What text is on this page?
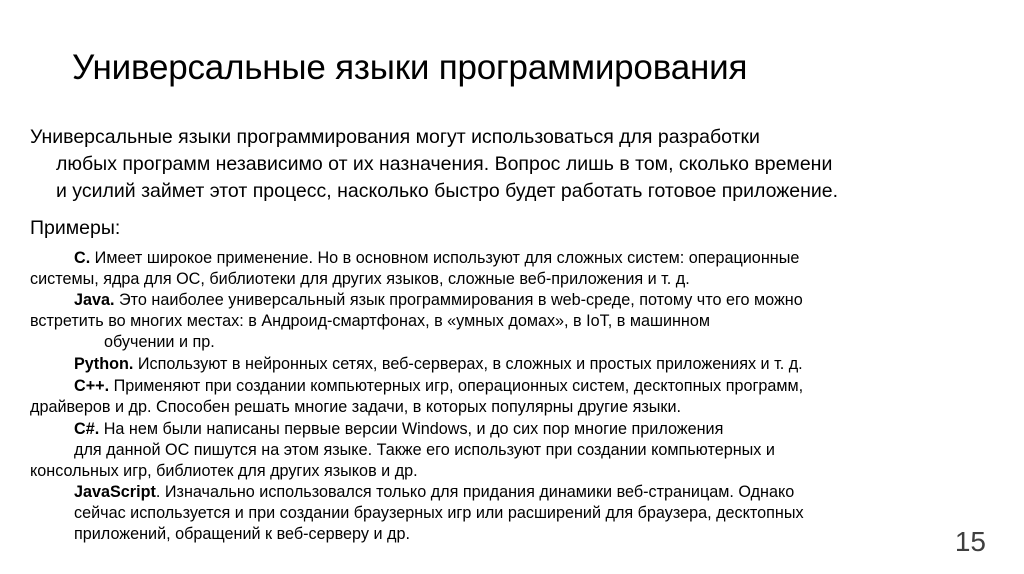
Универсальные языки программирования
Универсальные языки программирования могут использоваться для разработки
любых программ независимо от их назначения. Вопрос лишь в том, сколько времени
и усилий займет этот процесс, насколько быстро будет работать готовое приложение.
Примеры:
C. Имеет широкое применение. Но в основном используют для сложных систем: операционные
системы, ядра для ОС, библиотеки для других языков, сложные веб-приложения и т. д.
Java. Это наиболее универсальный язык программирования в web-среде, потому что его можно
встретить во многих местах: в Андроид-смартфонах, в «умных домах», в IoT, в машинном
обучении и пр.
Python. Используют в нейронных сетях, веб-серверах, в сложных и простых приложениях и т. д.
C++. Применяют при создании компьютерных игр, операционных систем, десктопных программ,
драйверов и др. Способен решать многие задачи, в которых популярны другие языки.
C#. На нем были написаны первые версии Windows, и до сих пор многие приложения
для данной ОС пишутся на этом языке. Также его используют при создании компьютерных и
консольных игр, библиотек для других языков и др.
JavaScript. Изначально использовался только для придания динамики веб-страницам. Однако
сейчас используется и при создании браузерных игр или расширений для браузера, десктопных
приложений, обращений к веб-серверу и др.	15
